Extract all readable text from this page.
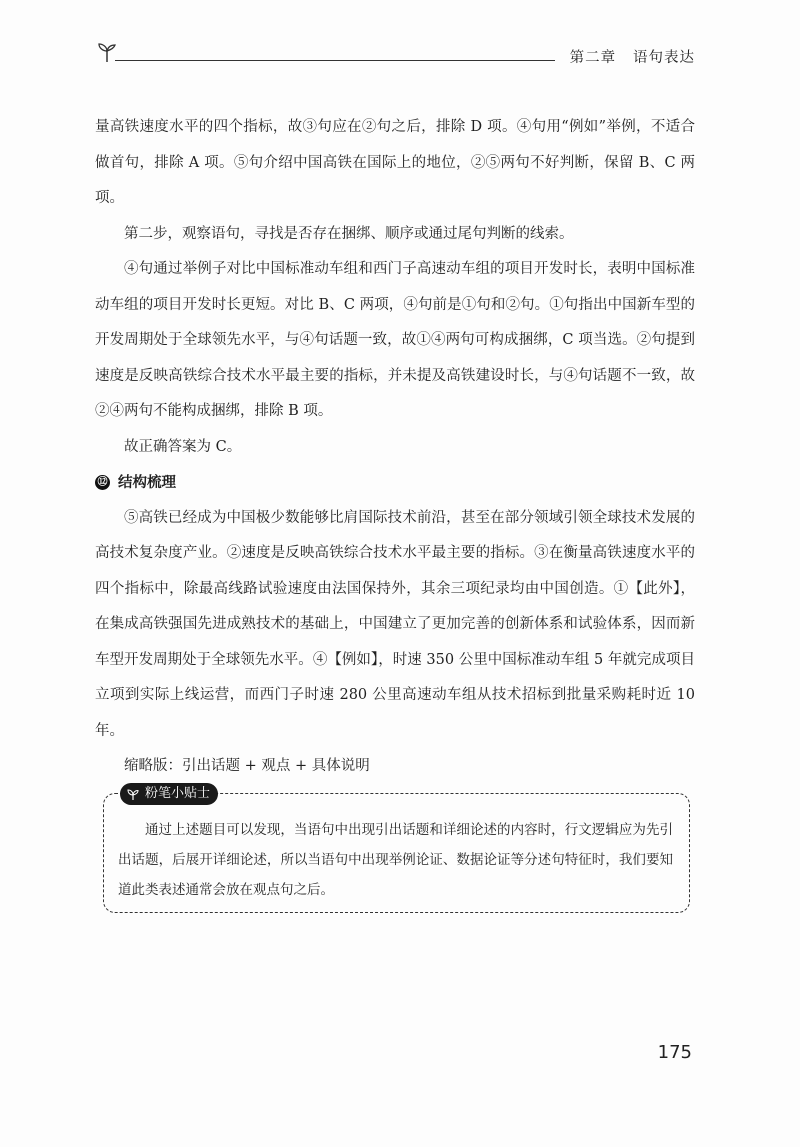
第二章 语句表达

量高铁速度水平的四个指标，故③句应在②句之后，排除 D 项。④句用“例如”举例，不适合做首句，排除 A 项。⑤句介绍中国高铁在国际上的地位，②⑤两句不好判断，保留 B、C 两项。

第二步，观察语句，寻找是否存在捆绑、顺序或通过尾句判断的线索。

④句通过举例子对比中国标准动车组和西门子高速动车组的项目开发时长，表明中国标准动车组的项目开发时长更短。对比 B、C 两项，④句前是①句和②句。①句指出中国新车型的开发周期处于全球领先水平，与④句话题一致，故①④两句可构成捆绑，C 项当选。②句提到速度是反映高铁综合技术水平最主要的指标，并未提及高铁建设时长，与④句话题不一致，故②④两句不能构成捆绑，排除 B 项。

故正确答案为 C。

⑫ 结构梳理

⑤高铁已经成为中国极少数能够比肩国际技术前沿，甚至在部分领域引领全球技术发展的高技术复杂度产业。②速度是反映高铁综合技术水平最主要的指标。③在衡量高铁速度水平的四个指标中，除最高线路试验速度由法国保持外，其余三项纪录均由中国创造。①【此外】，在集成高铁强国先进成熟技术的基础上，中国建立了更加完善的创新体系和试验体系，因而新车型开发周期处于全球领先水平。④【例如】，时速 350 公里中国标准动车组 5 年就完成项目立项到实际上线运营，而西门子时速 280 公里高速动车组从技术招标到批量采购耗时近 10 年。

缩略版：引出话题 + 观点 + 具体说明

粉笔小贴士

通过上述题目可以发现，当语句中出现引出话题和详细论述的内容时，行文逻辑应为先引出话题，后展开详细论述，所以当语句中出现举例论证、数据论证等分述句特征时，我们要知道此类表述通常会放在观点句之后。

175
